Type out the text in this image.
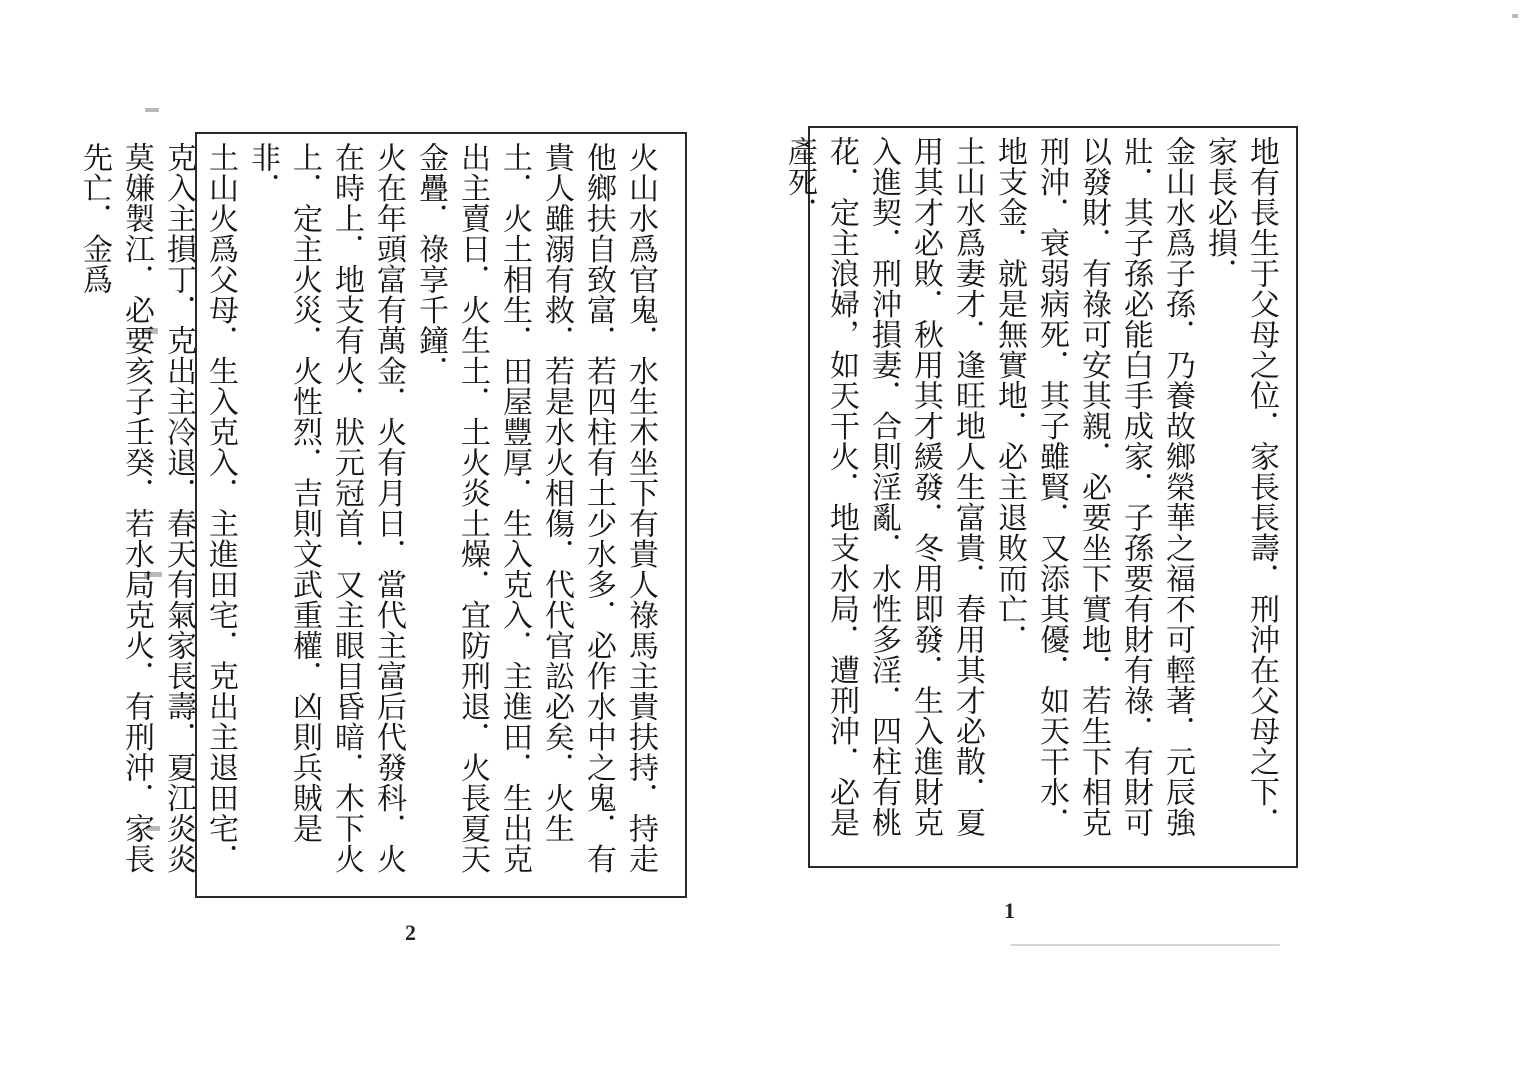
火山水爲官鬼．水生木坐下有貴人祿馬主貴扶持．持走他鄉扶自致富．若四柱有土少水多．必作水中之鬼．有貴人雖溺有救．若是水火相傷．代代官訟必矣．火生土．火土相生．田屋豐厚．生入克入．主進田．生出克出主賣日．火生土．土火炎土燥．宜防刑退．火長夏天金疊．祿享千鐘．
火在年頭富有萬金．火有月日．當代主富后代發科．火在時上．地支有火．狀元冠首．又主眼目昏暗．木下火上．定主火災．火性烈．吉則文武重權．凶則兵賊是非．
土山火爲父母．生入克入．主進田宅．克出主退田宅．克入主損丁．克出主冷退．春天有氣家長壽．夏江炎炎莫嫌製江．必要亥子壬癸．若水局克火．有刑沖．家長先亡．金爲
2
地有長生于父母之位．家長長壽．刑沖在父母之下．家長必損．
金山水爲子孫．乃養故鄉榮華之福不可輕著．元辰強壯．其子孫必能白手成家．子孫要有財有祿．有財可以發財．有祿可安其親．必要坐下實地．若生下相克刑沖．衰弱病死．其子雖賢．又添其優．如天干水．地支金．就是無實地．必主退敗而亡．
土山水爲妻才．逢旺地人生富貴．春用其才必散．夏用其才必敗．秋用其才緩發．冬用即發．生入進財克入進契．刑沖損妻．合則淫亂．水性多淫．四柱有桃花．定主浪婦，如天干火．地支水局．遭刑沖．必是產死．
1
